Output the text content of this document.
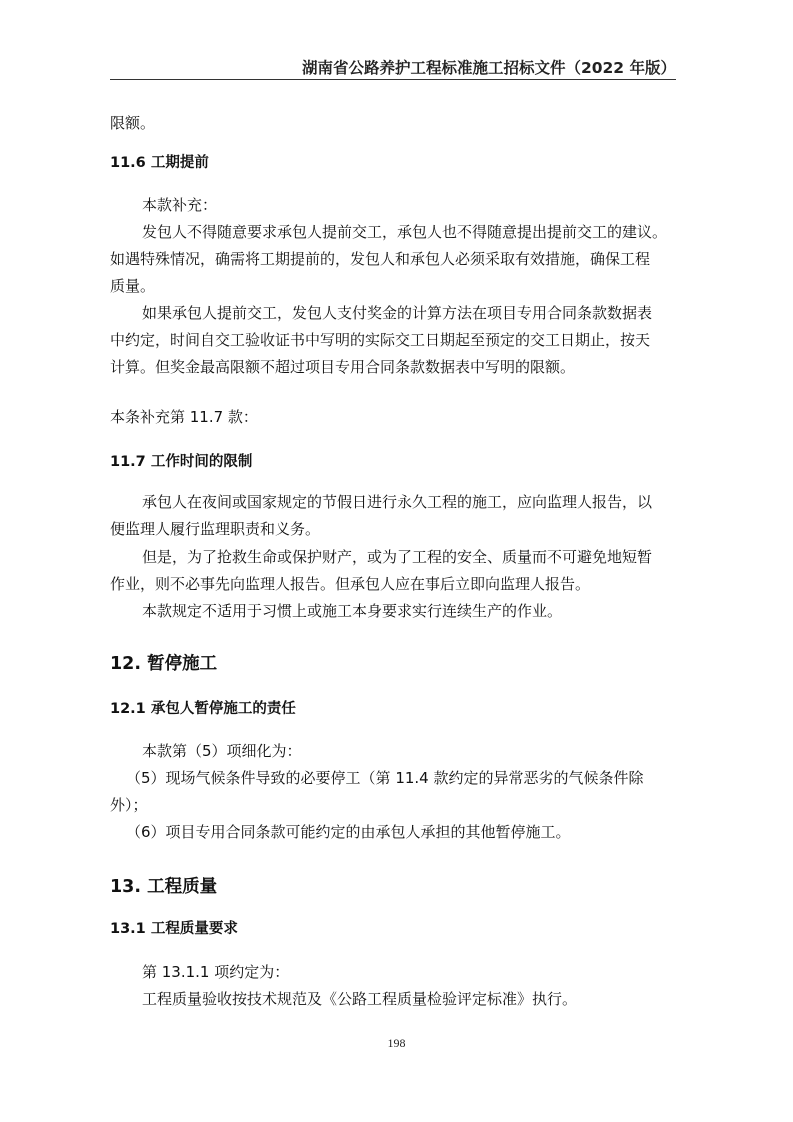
湖南省公路养护工程标准施工招标文件（2022 年版）
限额。
11.6 工期提前
本款补充：
发包人不得随意要求承包人提前交工，承包人也不得随意提出提前交工的建议。
如遇特殊情况，确需将工期提前的，发包人和承包人必须采取有效措施，确保工程
质量。
如果承包人提前交工，发包人支付奖金的计算方法在项目专用合同条款数据表
中约定，时间自交工验收证书中写明的实际交工日期起至预定的交工日期止，按天
计算。但奖金最高限额不超过项目专用合同条款数据表中写明的限额。
本条补充第 11.7 款：
11.7 工作时间的限制
承包人在夜间或国家规定的节假日进行永久工程的施工，应向监理人报告，以
便监理人履行监理职责和义务。
但是，为了抢救生命或保护财产，或为了工程的安全、质量而不可避免地短暂
作业，则不必事先向监理人报告。但承包人应在事后立即向监理人报告。
本款规定不适用于习惯上或施工本身要求实行连续生产的作业。
12. 暂停施工
12.1 承包人暂停施工的责任
本款第（5）项细化为：
（5）现场气候条件导致的必要停工（第 11.4 款约定的异常恶劣的气候条件除
外）；
（6）项目专用合同条款可能约定的由承包人承担的其他暂停施工。
13. 工程质量
13.1 工程质量要求
第 13.1.1 项约定为：
工程质量验收按技术规范及《公路工程质量检验评定标准》执行。
198
